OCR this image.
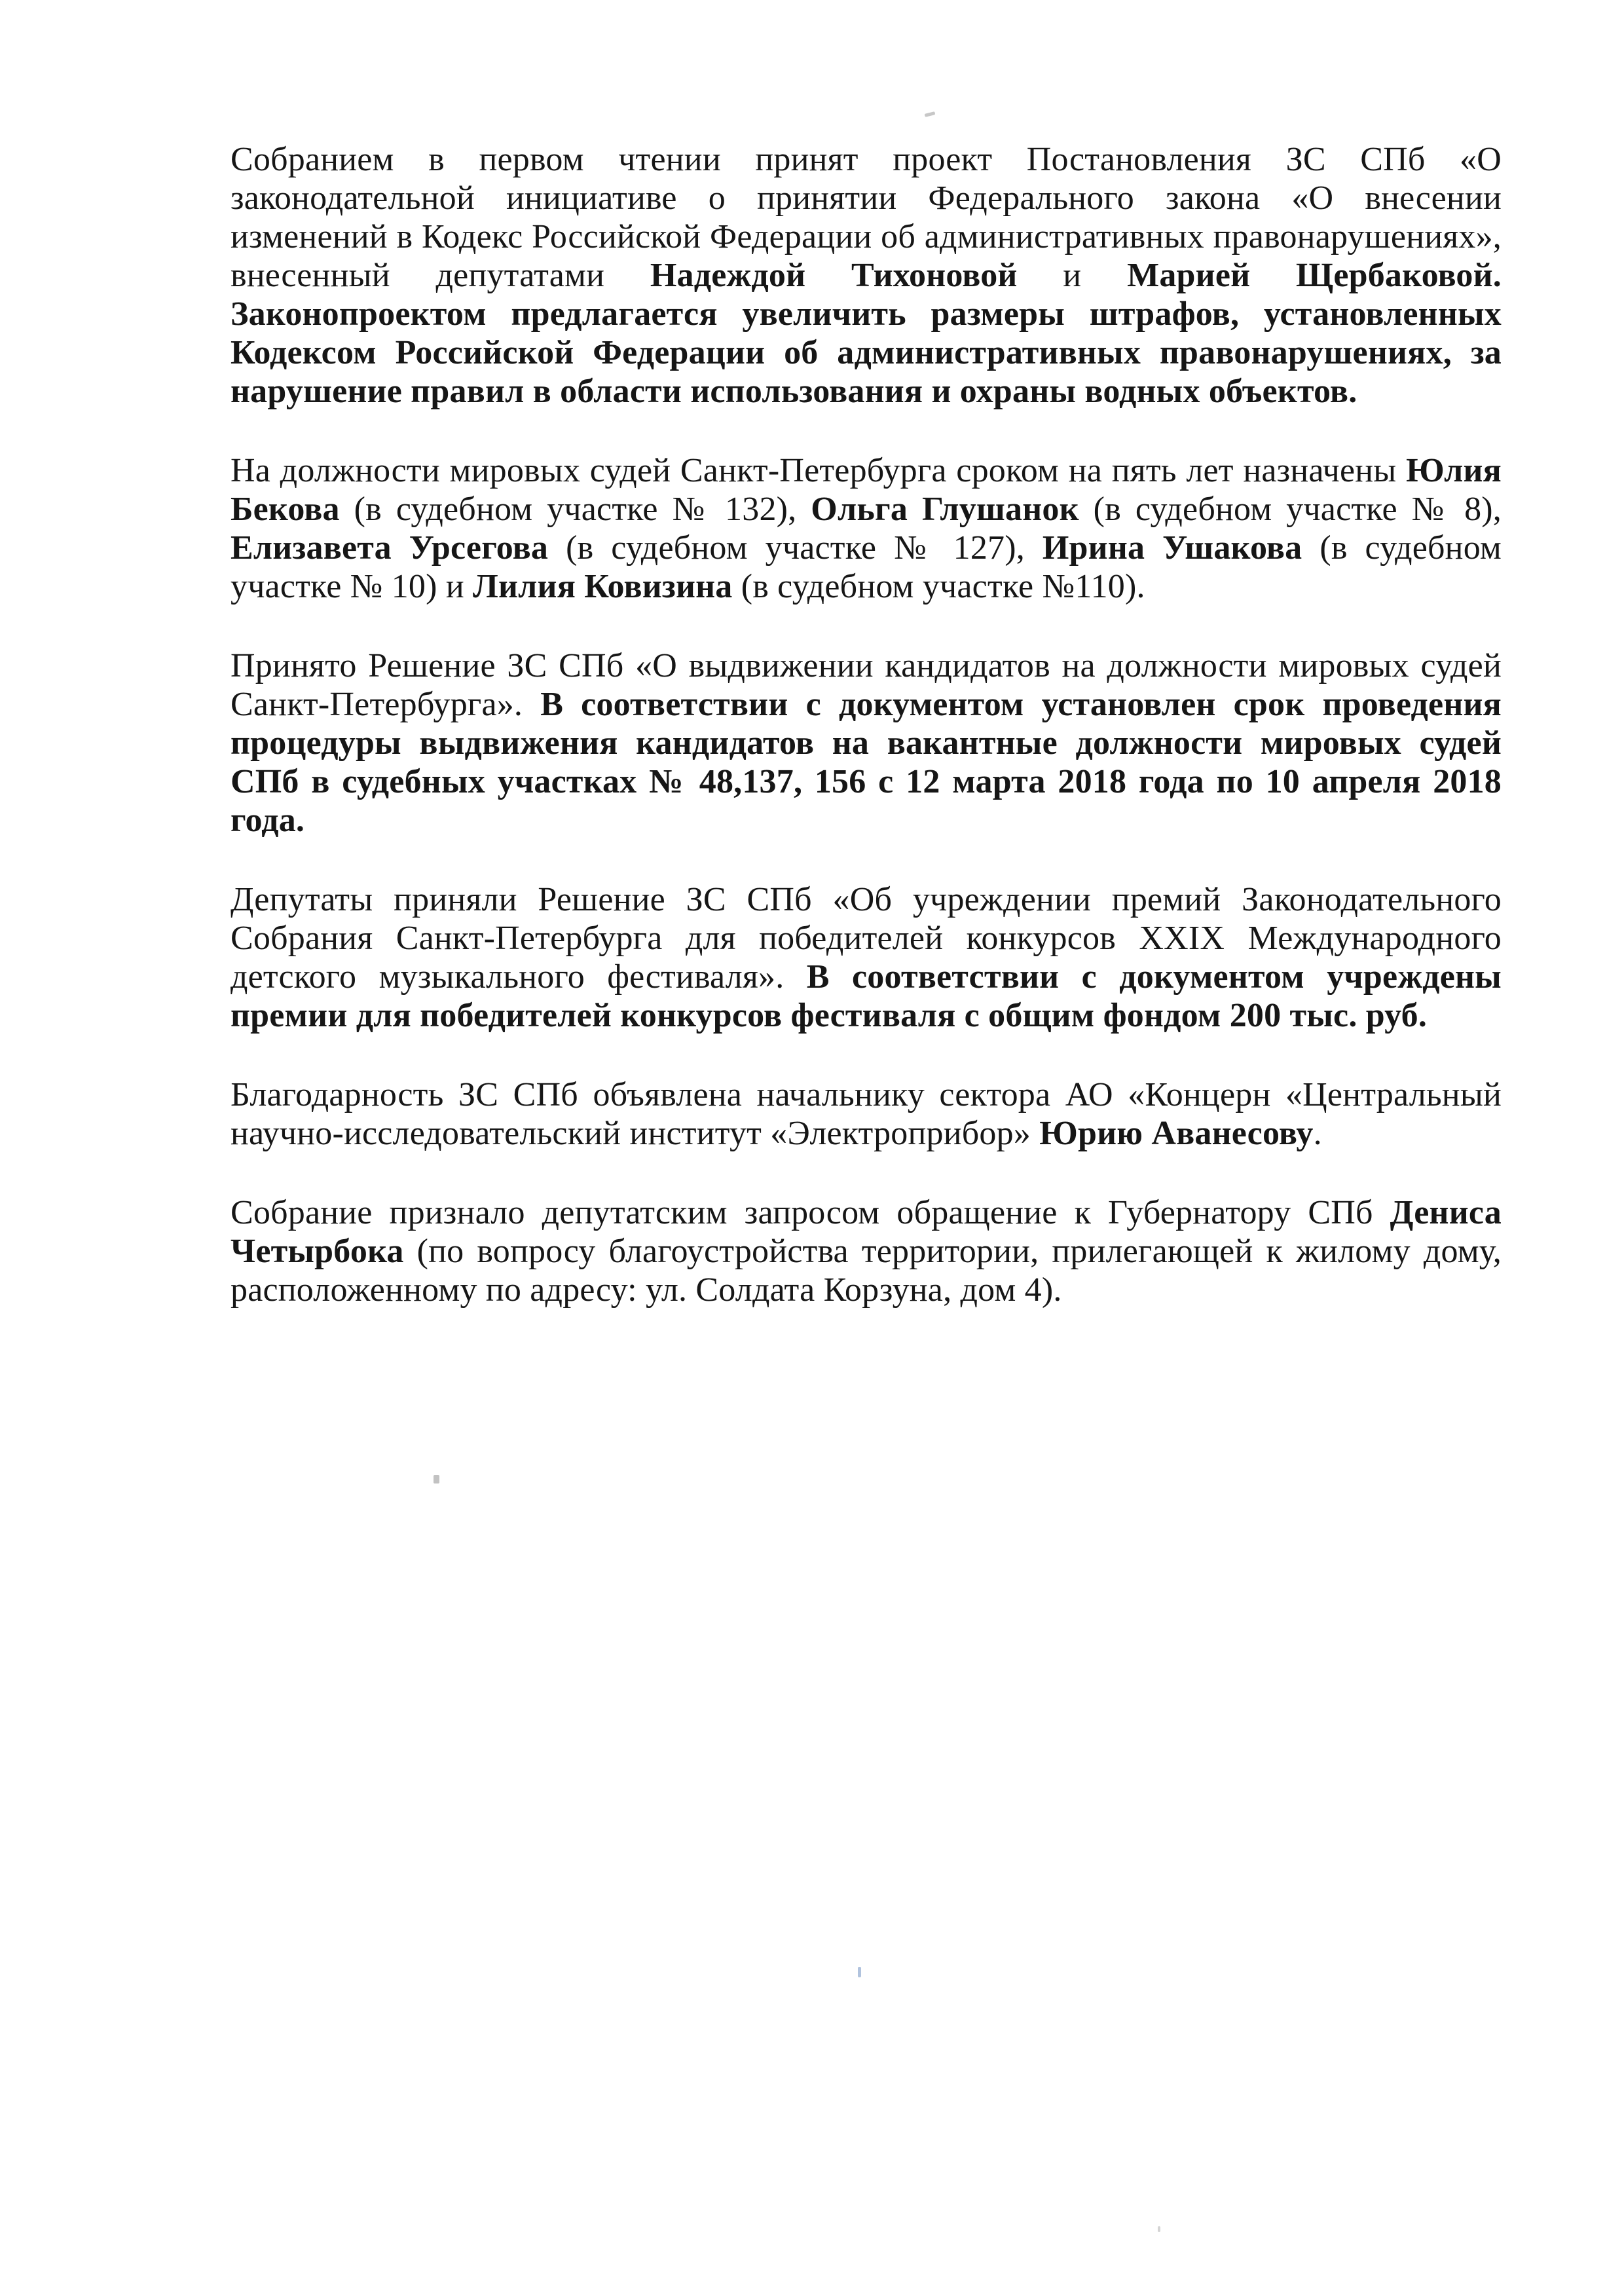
Собранием в первом чтении принят проект Постановления ЗС СПб «О законодательной инициативе о принятии Федерального закона «О внесении изменений в Кодекс Российской Федерации об административных правонарушениях», внесенный депутатами Надеждой Тихоновой и Марией Щербаковой. Законопроектом предлагается увеличить размеры штрафов, установленных Кодексом Российской Федерации об административных правонарушениях, за нарушение правил в области использования и охраны водных объектов.

На должности мировых судей Санкт-Петербурга сроком на пять лет назначены Юлия Бекова (в судебном участке № 132), Ольга Глушанок (в судебном участке № 8), Елизавета Урсегова (в судебном участке № 127), Ирина Ушакова (в судебном участке № 10) и Лилия Ковизина (в судебном участке №110).

Принято Решение ЗС СПб «О выдвижении кандидатов на должности мировых судей Санкт-Петербурга». В соответствии с документом установлен срок проведения процедуры выдвижения кандидатов на вакантные должности мировых судей СПб в судебных участках № 48,137, 156 с 12 марта 2018 года по 10 апреля 2018 года.

Депутаты приняли Решение ЗС СПб «Об учреждении премий Законодательного Собрания Санкт-Петербурга для победителей конкурсов XXIX Международного детского музыкального фестиваля». В соответствии с документом учреждены премии для победителей конкурсов фестиваля с общим фондом 200 тыс. руб.

Благодарность ЗС СПб объявлена начальнику сектора АО «Концерн «Центральный научно-исследовательский институт «Электроприбор» Юрию Аванесову.

Собрание признало депутатским запросом обращение к Губернатору СПб Дениса Четырбока (по вопросу благоустройства территории, прилегающей к жилому дому, расположенному по адресу: ул. Солдата Корзуна, дом 4).
